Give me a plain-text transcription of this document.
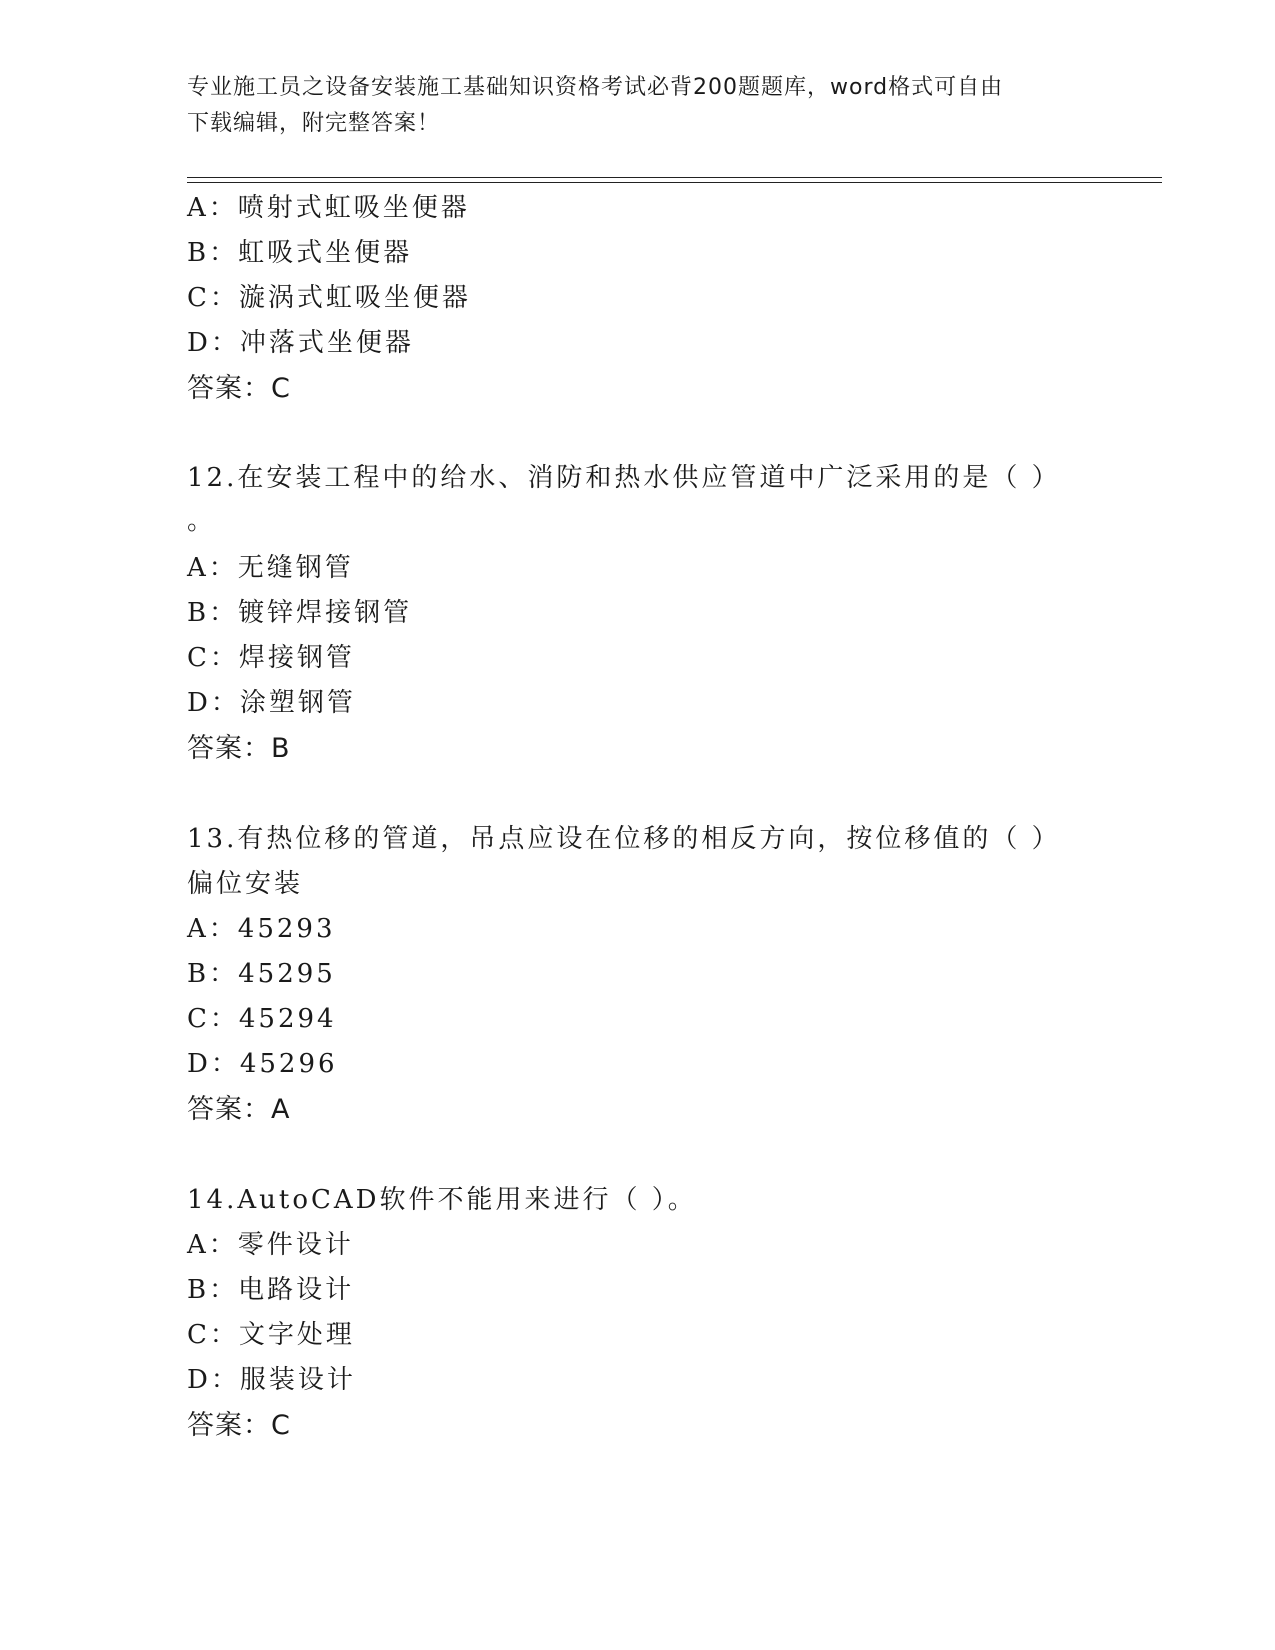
专业施工员之设备安装施工基础知识资格考试必背200题题库，word格式可自由
下载编辑，附完整答案！
A：喷射式虹吸坐便器
B：虹吸式坐便器
C：漩涡式虹吸坐便器
D：冲落式坐便器
答案：C
12.在安装工程中的给水、消防和热水供应管道中广泛采用的是（ ）
。
A：无缝钢管
B：镀锌焊接钢管
C：焊接钢管
D：涂塑钢管
答案：B
13.有热位移的管道，吊点应设在位移的相反方向，按位移值的（ ）
偏位安装
A：45293
B：45295
C：45294
D：45296
答案：A
14.AutoCAD软件不能用来进行（ ）。
A：零件设计
B：电路设计
C：文字处理
D：服装设计
答案：C
